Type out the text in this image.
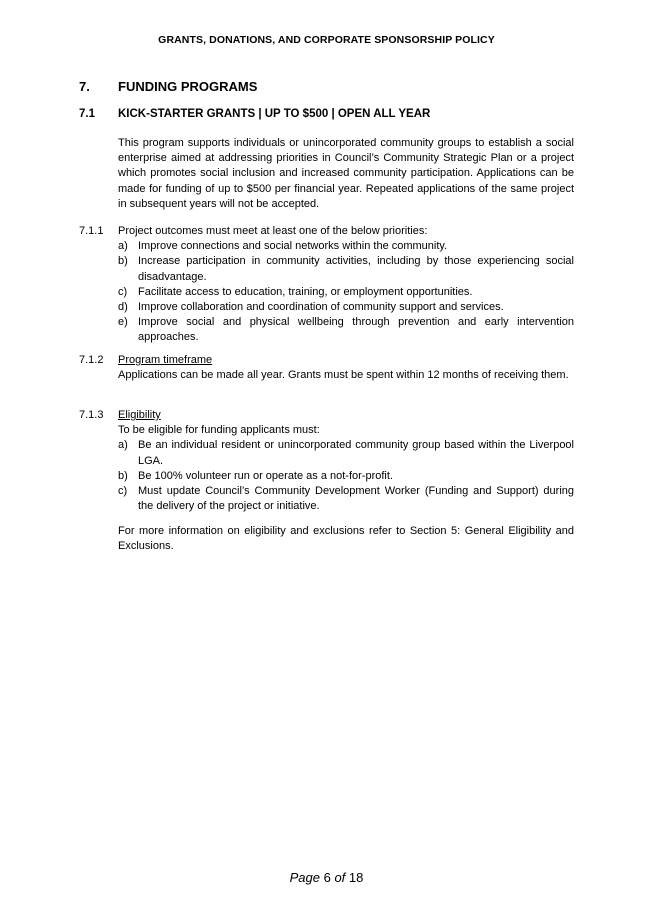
GRANTS, DONATIONS, AND CORPORATE SPONSORSHIP POLICY
7. FUNDING PROGRAMS
7.1 KICK-STARTER GRANTS | UP TO $500 | OPEN ALL YEAR
This program supports individuals or unincorporated community groups to establish a social enterprise aimed at addressing priorities in Council’s Community Strategic Plan or a project which promotes social inclusion and increased community participation. Applications can be made for funding of up to $500 per financial year. Repeated applications of the same project in subsequent years will not be accepted.
7.1.1 Project outcomes must meet at least one of the below priorities:
a) Improve connections and social networks within the community.
b) Increase participation in community activities, including by those experiencing social disadvantage.
c) Facilitate access to education, training, or employment opportunities.
d) Improve collaboration and coordination of community support and services.
e) Improve social and physical wellbeing through prevention and early intervention approaches.
7.1.2 Program timeframe
Applications can be made all year. Grants must be spent within 12 months of receiving them.
7.1.3 Eligibility
To be eligible for funding applicants must:
a) Be an individual resident or unincorporated community group based within the Liverpool LGA.
b) Be 100% volunteer run or operate as a not-for-profit.
c) Must update Council’s Community Development Worker (Funding and Support) during the delivery of the project or initiative.
For more information on eligibility and exclusions refer to Section 5: General Eligibility and Exclusions.
Page 6 of 18
